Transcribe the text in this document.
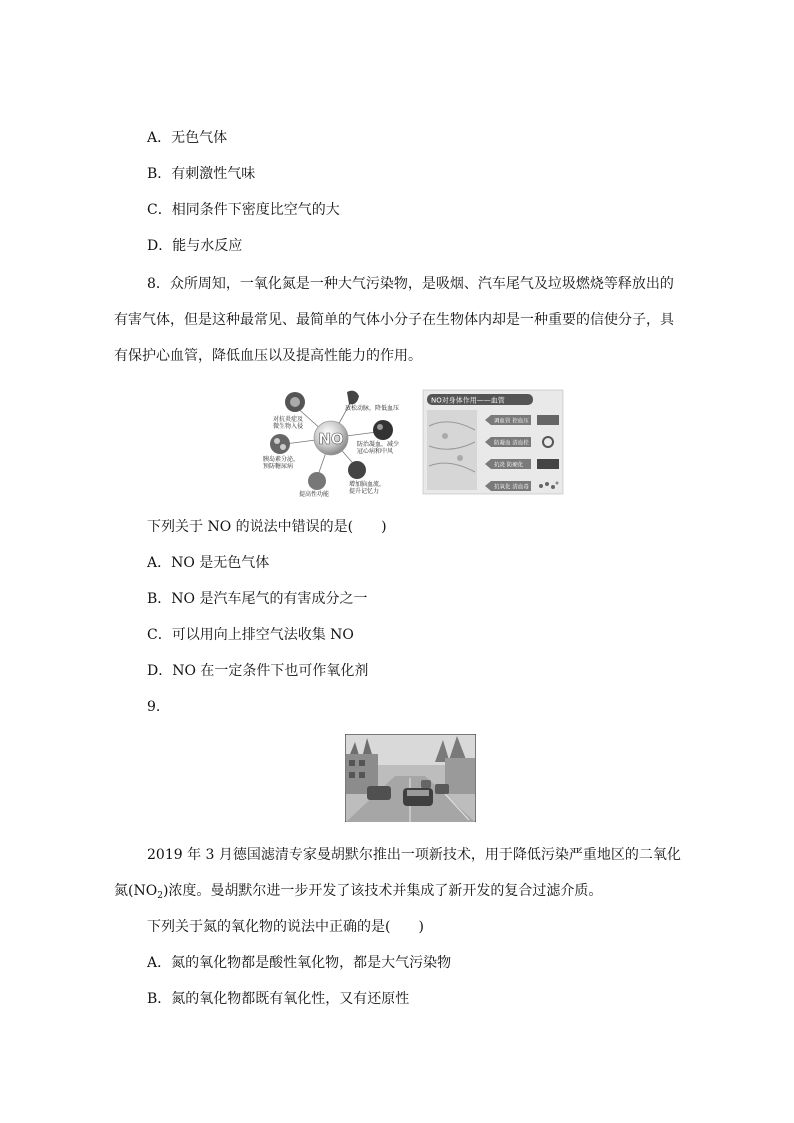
A．无色气体
B．有刺激性气味
C．相同条件下密度比空气的大
D．能与水反应
8．众所周知，一氧化氮是一种大气污染物，是吸烟、汽车尾气及垃圾燃烧等释放出的
有害气体，但是这种最常见、最简单的气体小分子在生物体内却是一种重要的信使分子，具
有保护心血管，降低血压以及提高性能力的作用。
NO
放松动脉，降低血压
对抗炎症及
微生物入侵
胰岛素分泌，
预防糖尿病
防治凝血，减少
冠心病和中风
提高性功能
增加脑血流，
提升记忆力
NO对身体作用——血管
调血管 控血压
防凝血 清血栓
抗炎 防硬化
抗氧化 清血毒
下列关于 NO 的说法中错误的是(　　)
A．NO 是无色气体
B．NO 是汽车尾气的有害成分之一
C．可以用向上排空气法收集 NO
D．NO 在一定条件下也可作氧化剂
9.
2019 年 3 月德国滤清专家曼胡默尔推出一项新技术，用于降低污染严重地区的二氧化
氮$(NO_2)$浓度。曼胡默尔进一步开发了该技术并集成了新开发的复合过滤介质。
下列关于氮的氧化物的说法中正确的是(　　)
A．氮的氧化物都是酸性氧化物，都是大气污染物
B．氮的氧化物都既有氧化性，又有还原性
